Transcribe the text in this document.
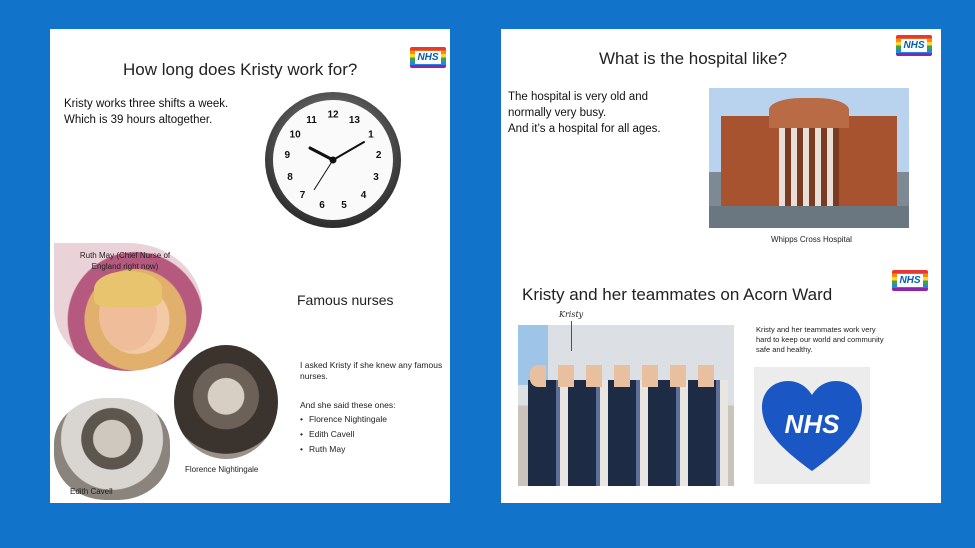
How long does Kristy work for?
NHS
Kristy works three shifts a week.
Which is 39 hours altogether.	12 13
1
2
3
4
5
6
7
8
9
10
11
Ruth May (Chief Nurse of England right now)
Famous nurses
Florence Nightingale
Edith Cavell
I asked Kristy if she knew any famous nurses.
And she said these ones:
• Florence Nightingale
• Edith Cavell
• Ruth May
What is the hospital like?
NHS
The hospital is very old and normally very busy.
And it’s a hospital for all ages.
Whipps Cross Hospital
Kristy and her teammates on Acorn Ward
NHS
Kristy
Kristy and her teammates work very hard to keep our world and community safe and healthy.
NHS
